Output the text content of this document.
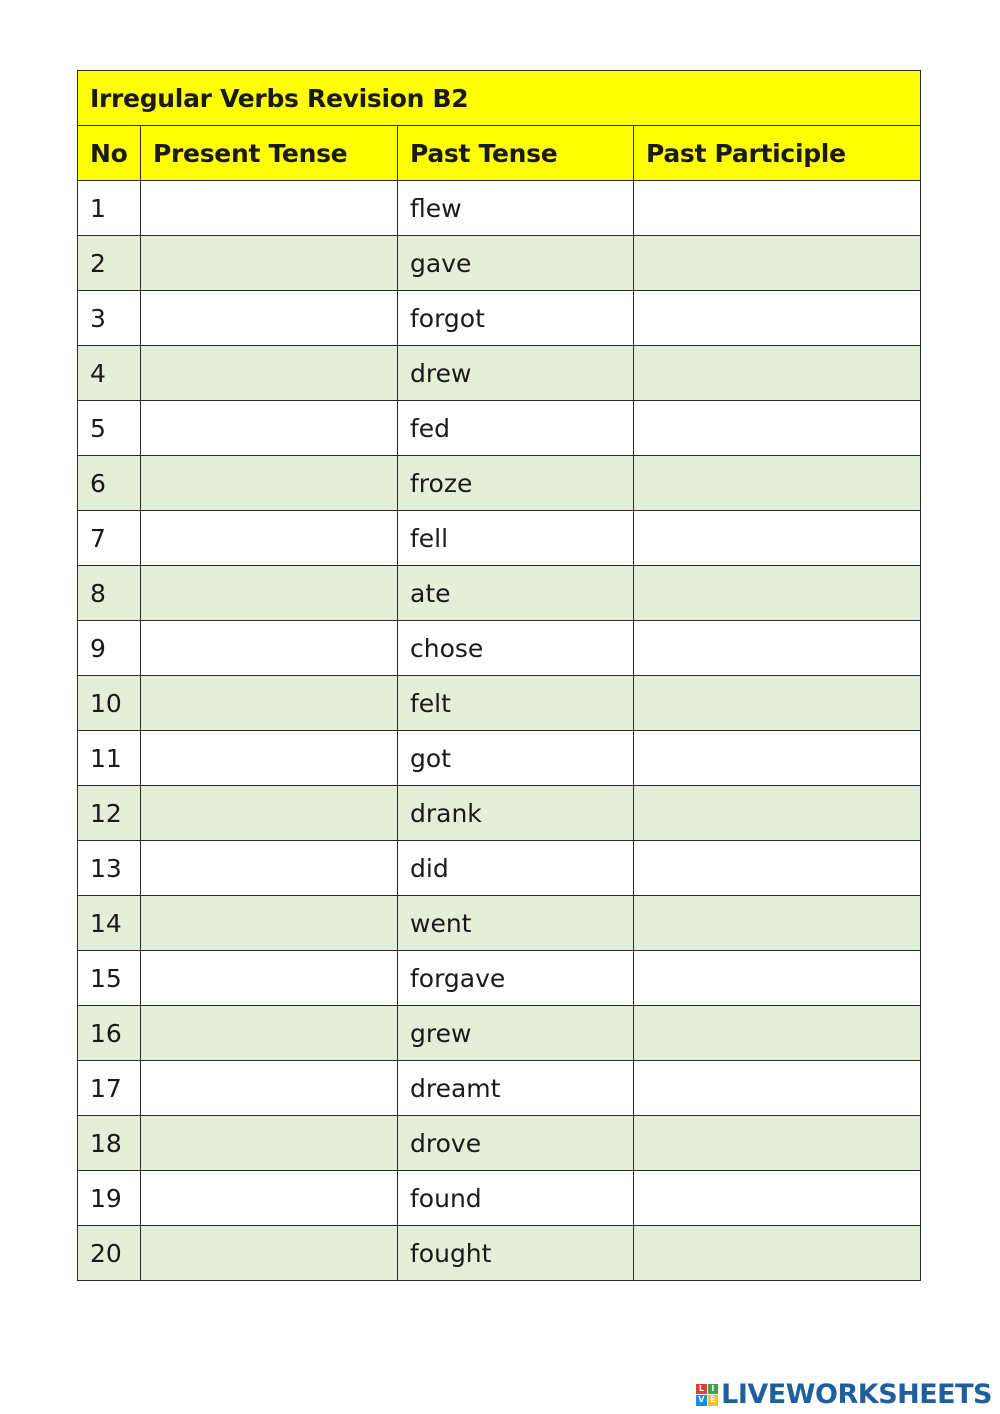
Irregular Verbs Revision B2			
No	Present Tense	Past Tense	Past Participle
1		flew	
2		gave	
3		forgot	
4		drew	
5		fed	
6		froze	
7		fell	
8		ate	
9		chose	
10		felt	
11		got	
12		drank	
13		did	
14		went	
15		forgave	
16		grew	
17		dreamt	
18		drove	
19		found	
20		fought	
L I
V E LIVEWORKSHEETS
